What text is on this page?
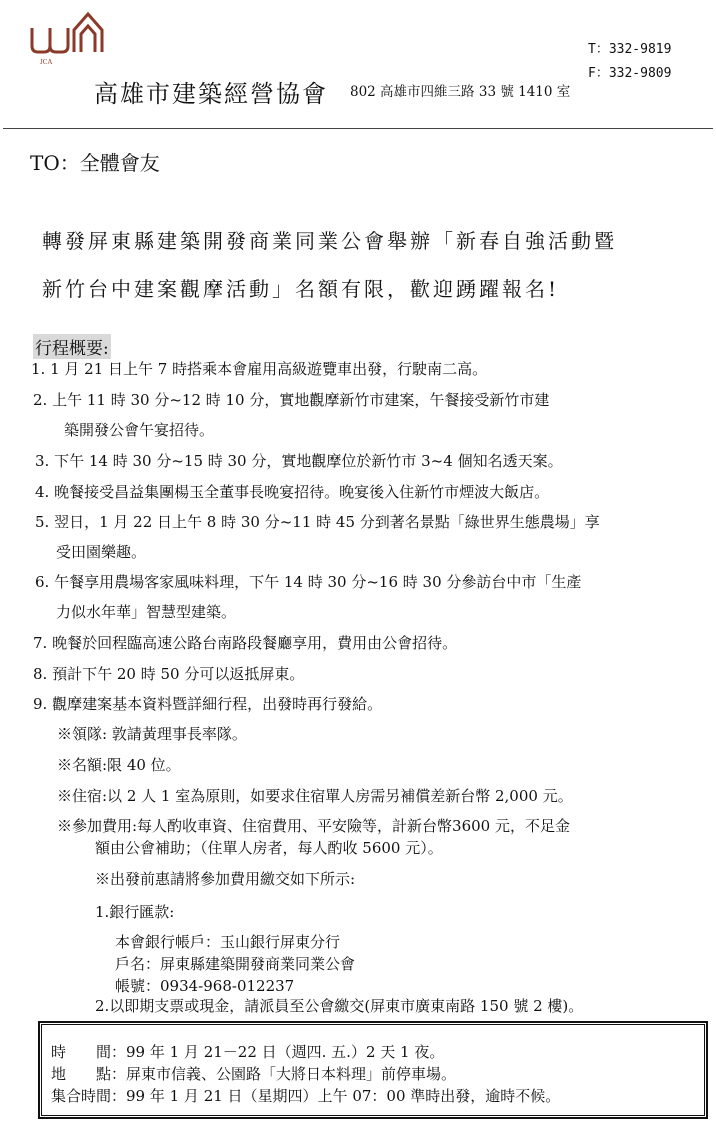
JCA
高雄市建築經營協會 802 高雄市四維三路 33 號 1410 室
T：332-9819
F：332-9809
TO：全體會友
轉發屏東縣建築開發商業同業公會舉辦「新春自強活動暨
新竹台中建案觀摩活動」名額有限，歡迎踴躍報名!
行程概要:
1. 1 月 21 日上午 7 時搭乘本會雇用高級遊覽車出發，行駛南二高。
2. 上午 11 時 30 分~12 時 10 分，實地觀摩新竹市建案，午餐接受新竹市建
築開發公會午宴招待。
3. 下午 14 時 30 分~15 時 30 分，實地觀摩位於新竹市 3~4 個知名透天案。
4. 晚餐接受昌益集團楊玉全董事長晚宴招待。晚宴後入住新竹市煙波大飯店。
5. 翌日，1 月 22 日上午 8 時 30 分~11 時 45 分到著名景點「綠世界生態農場」享
受田園樂趣。
6. 午餐享用農場客家風味料理，下午 14 時 30 分~16 時 30 分參訪台中市「生產
力似水年華」智慧型建築。
7. 晚餐於回程臨高速公路台南路段餐廳享用，費用由公會招待。
8. 預計下午 20 時 50 分可以返抵屏東。
9. 觀摩建案基本資料暨詳細行程，出發時再行發給。
※領隊: 敦請黃理事長率隊。
※名額:限 40 位。
※住宿:以 2 人 1 室為原則，如要求住宿單人房需另補償差新台幣 2,000 元。
※參加費用:每人酌收車資、住宿費用、平安險等，計新台幣3600 元，不足金
額由公會補助；（住單人房者，每人酌收 5600 元）。
※出發前惠請將參加費用繳交如下所示:
1.銀行匯款:
本會銀行帳戶：玉山銀行屏東分行
戶名：屏東縣建築開發商業同業公會
帳號：0934-968-012237
2.以即期支票或現金，請派員至公會繳交(屏東市廣東南路 150 號 2 樓)。
時　　間：99 年 1 月 21－22 日（週四. 五.）2 天 1 夜。
地　　點：屏東市信義、公園路「大將日本料理」前停車場。
集合時間：99 年 1 月 21 日（星期四）上午 07：00 準時出發，逾時不候。
